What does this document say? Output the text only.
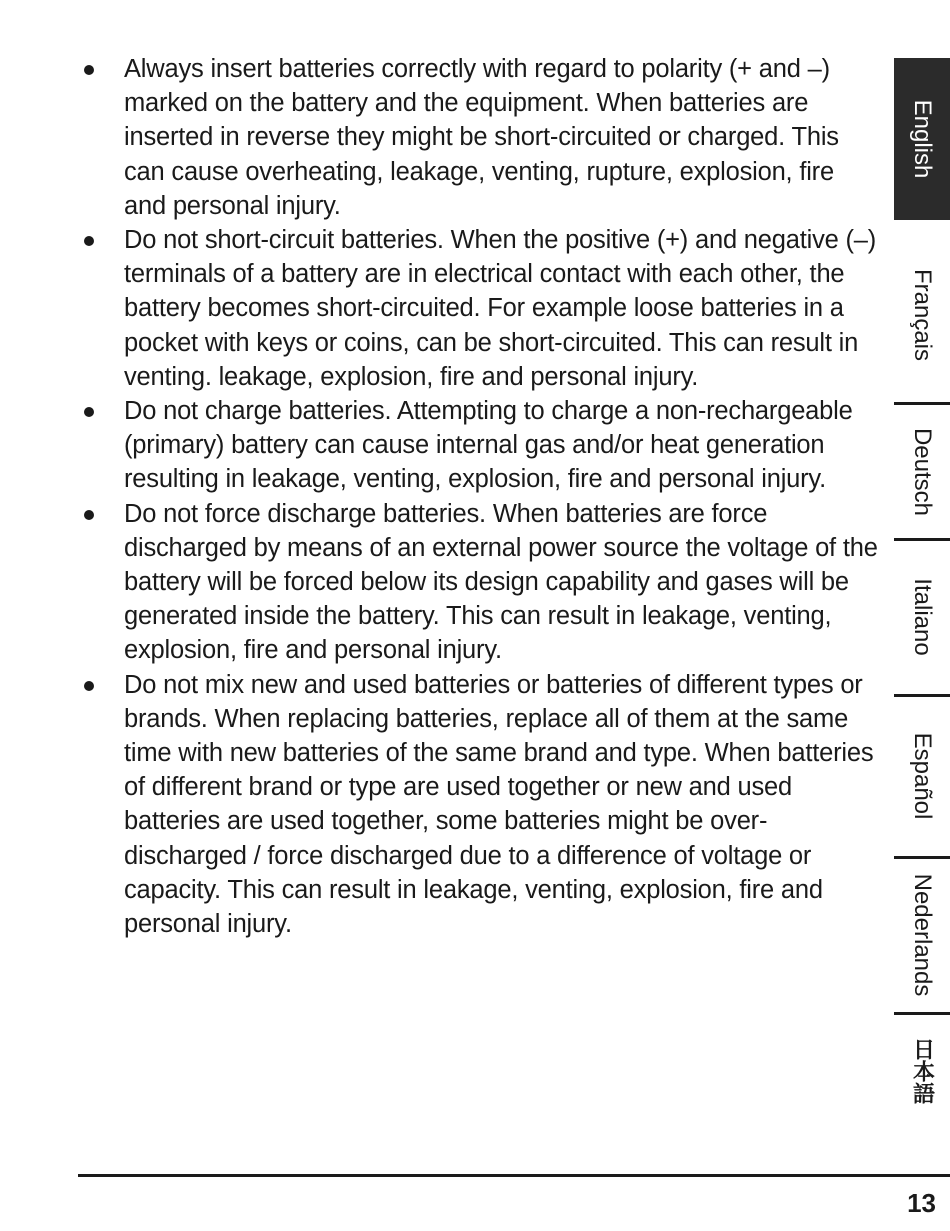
Always insert batteries correctly with regard to polarity (+ and –) marked on the battery and the equipment. When batteries are inserted in reverse they might be short-circuited or charged. This can cause overheating, leakage, venting, rupture, explosion, fire and personal injury.
Do not short-circuit batteries. When the positive (+) and negative (–) terminals of a battery are in electrical contact with each other, the battery becomes short-circuited. For example loose batteries in a pocket with keys or coins, can be short-circuited. This can result in venting. leakage, explosion, fire and personal injury.
Do not charge batteries. Attempting to charge a non-rechargeable (primary) battery can cause internal gas and/or heat generation resulting in leakage, venting, explosion, fire and personal injury.
Do not force discharge batteries. When batteries are force discharged by means of an external power source the voltage of the battery will be forced below its design capability and gases will be generated inside the battery. This can result in leakage, venting, explosion, fire and personal injury.
Do not mix new and used batteries or batteries of different types or brands. When replacing batteries, replace all of them at the same time with new batteries of the same brand and type. When batteries of different brand or type are used together or new and used batteries are used together, some batteries might be over-discharged / force discharged due to a difference of voltage or capacity. This can result in leakage, venting, explosion, fire and personal injury.
English
Français
Deutsch
Italiano
Español
Nederlands
日本語
13
